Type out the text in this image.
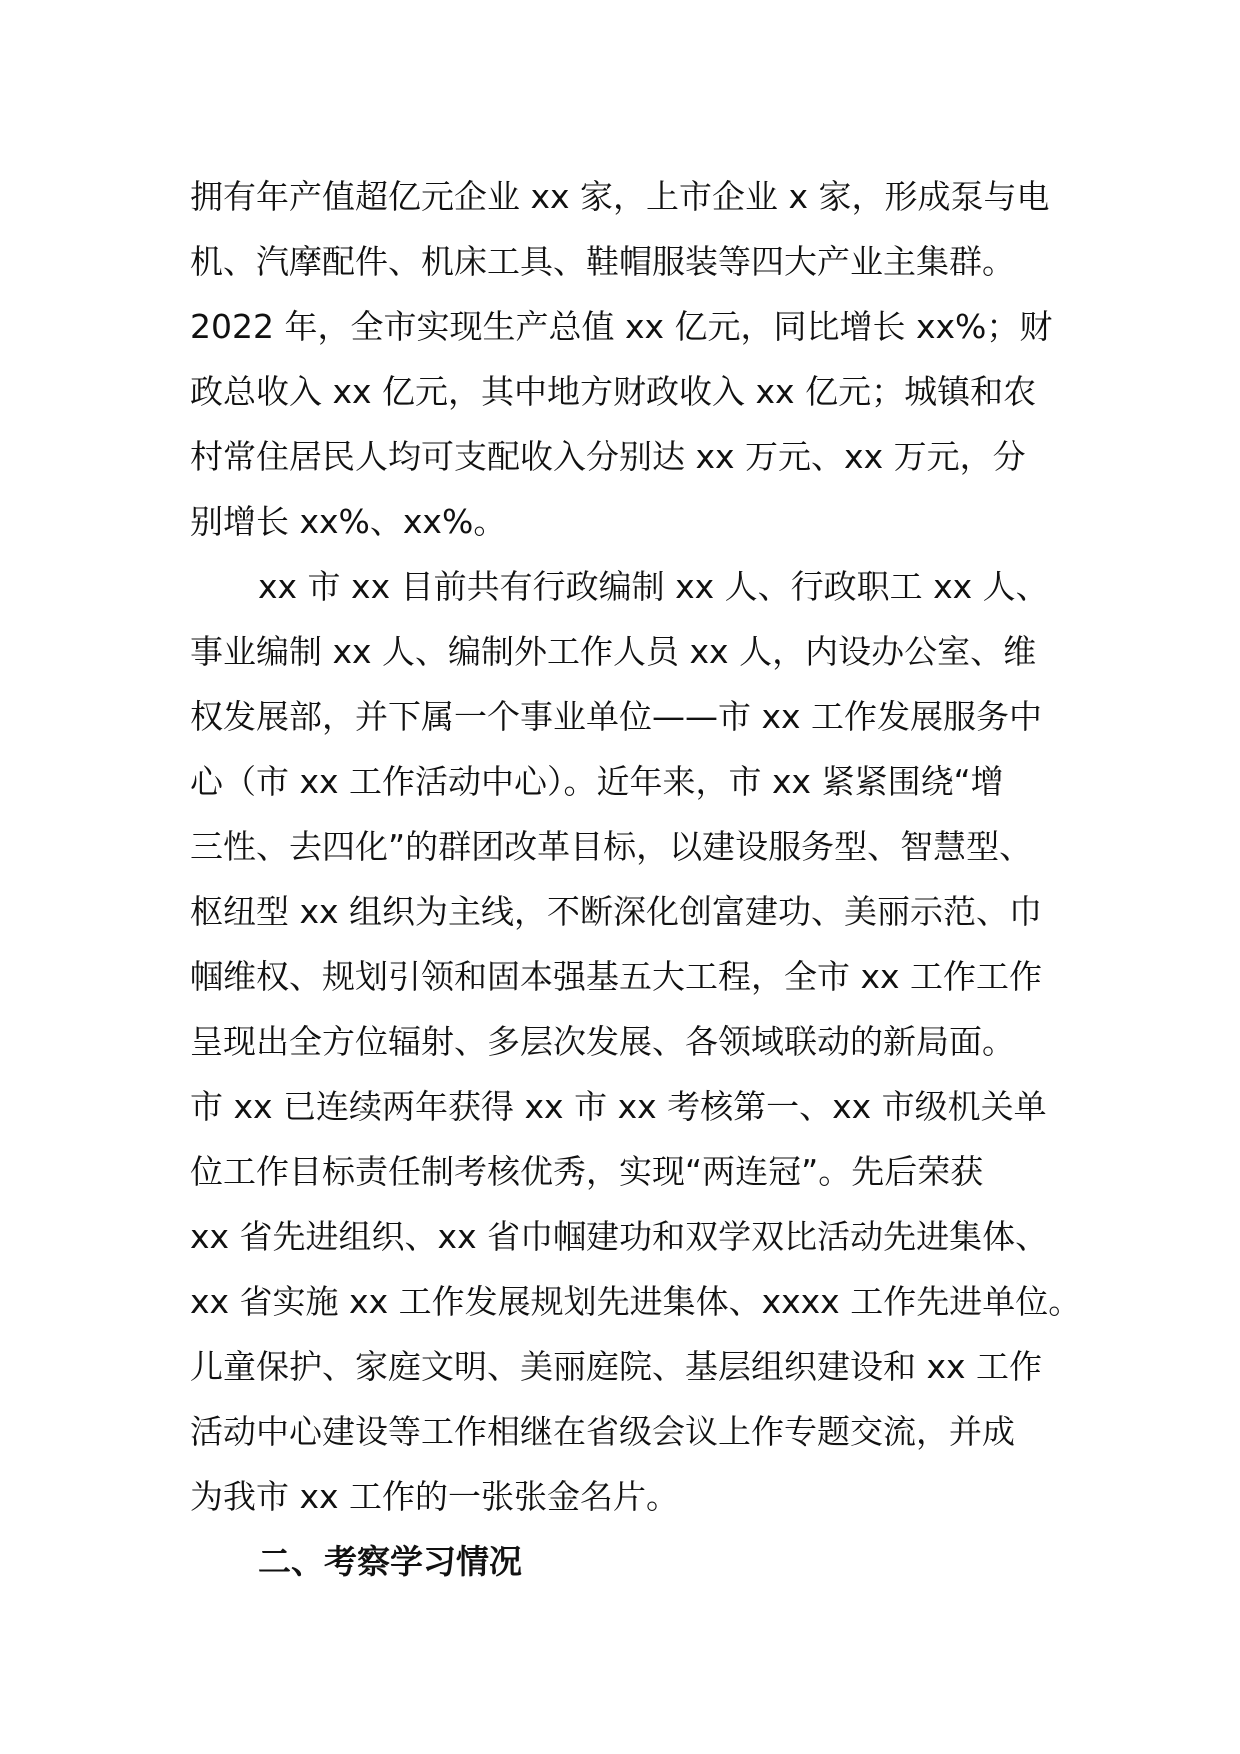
拥有年产值超亿元企业 xx 家，上市企业 x 家，形成泵与电
机、汽摩配件、机床工具、鞋帽服装等四大产业主集群。
2022 年，全市实现生产总值 xx 亿元，同比增长 xx%；财
政总收入 xx 亿元，其中地方财政收入 xx 亿元；城镇和农
村常住居民人均可支配收入分别达 xx 万元、xx 万元，分
别增长 xx%、xx%。
xx 市 xx 目前共有行政编制 xx 人、行政职工 xx 人、
事业编制 xx 人、编制外工作人员 xx 人，内设办公室、维
权发展部，并下属一个事业单位——市 xx 工作发展服务中
心（市 xx 工作活动中心）。近年来，市 xx 紧紧围绕“增
三性、去四化”的群团改革目标，以建设服务型、智慧型、
枢纽型 xx 组织为主线，不断深化创富建功、美丽示范、巾
帼维权、规划引领和固本强基五大工程，全市 xx 工作工作
呈现出全方位辐射、多层次发展、各领域联动的新局面。
市 xx 已连续两年获得 xx 市 xx 考核第一、xx 市级机关单
位工作目标责任制考核优秀，实现“两连冠”。先后荣获
xx 省先进组织、xx 省巾帼建功和双学双比活动先进集体、
xx 省实施 xx 工作发展规划先进集体、xxxx 工作先进单位。
儿童保护、家庭文明、美丽庭院、基层组织建设和 xx 工作
活动中心建设等工作相继在省级会议上作专题交流，并成
为我市 xx 工作的一张张金名片。
二、考察学习情况
